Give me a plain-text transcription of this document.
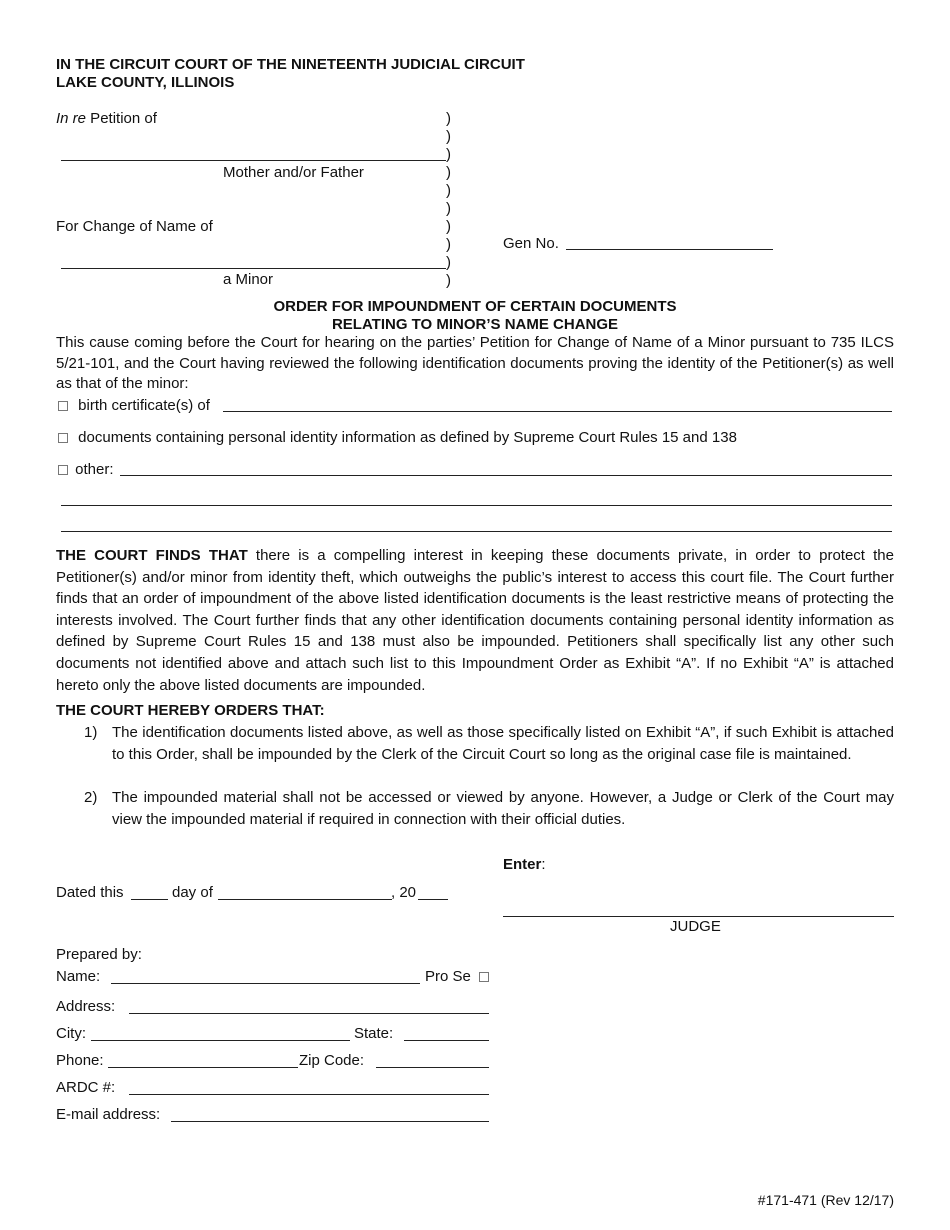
IN THE CIRCUIT COURT OF THE NINETEENTH JUDICIAL CIRCUIT
LAKE COUNTY, ILLINOIS
In re Petition of
Mother and/or Father
For Change of Name of
a Minor
)
)
)
)
)
)
)
)
)
)
Gen No.
ORDER FOR IMPOUNDMENT OF CERTAIN DOCUMENTS
RELATING TO MINOR’S NAME CHANGE
This cause coming before the Court for hearing on the parties’ Petition for Change of Name of a Minor pursuant to 735 ILCS 5/21-101, and the Court having reviewed the following identification documents proving the identity of the Petitioner(s) as well as that of the minor:
birth certificate(s) of
documents containing personal identity information as defined by Supreme Court Rules 15 and 138
other:
THE COURT FINDS THAT there is a compelling interest in keeping these documents private, in order to protect the Petitioner(s) and/or minor from identity theft, which outweighs the public’s interest to access this court file. The Court further finds that an order of impoundment of the above listed identification documents is the least restrictive means of protecting the interests involved. The Court further finds that any other identification documents containing personal identity information as defined by Supreme Court Rules 15 and 138 must also be impounded. Petitioners shall specifically list any other such documents not identified above and attach such list to this Impoundment Order as Exhibit “A”. If no Exhibit “A” is attached hereto only the above listed documents are impounded.
THE COURT HEREBY ORDERS THAT:
1) The identification documents listed above, as well as those specifically listed on Exhibit “A”, if such Exhibit is attached to this Order, shall be impounded by the Clerk of the Circuit Court so long as the original case file is maintained.
2) The impounded material shall not be accessed or viewed by anyone. However, a Judge or Clerk of the Court may view the impounded material if required in connection with their official duties.
Enter:
JUDGE
Dated this	day of	, 20
Prepared by:
Name:	Pro Se
Address:
City:	State:
Phone:	Zip Code:
ARDC #:
E-mail address:
#171-471 (Rev 12/17)
